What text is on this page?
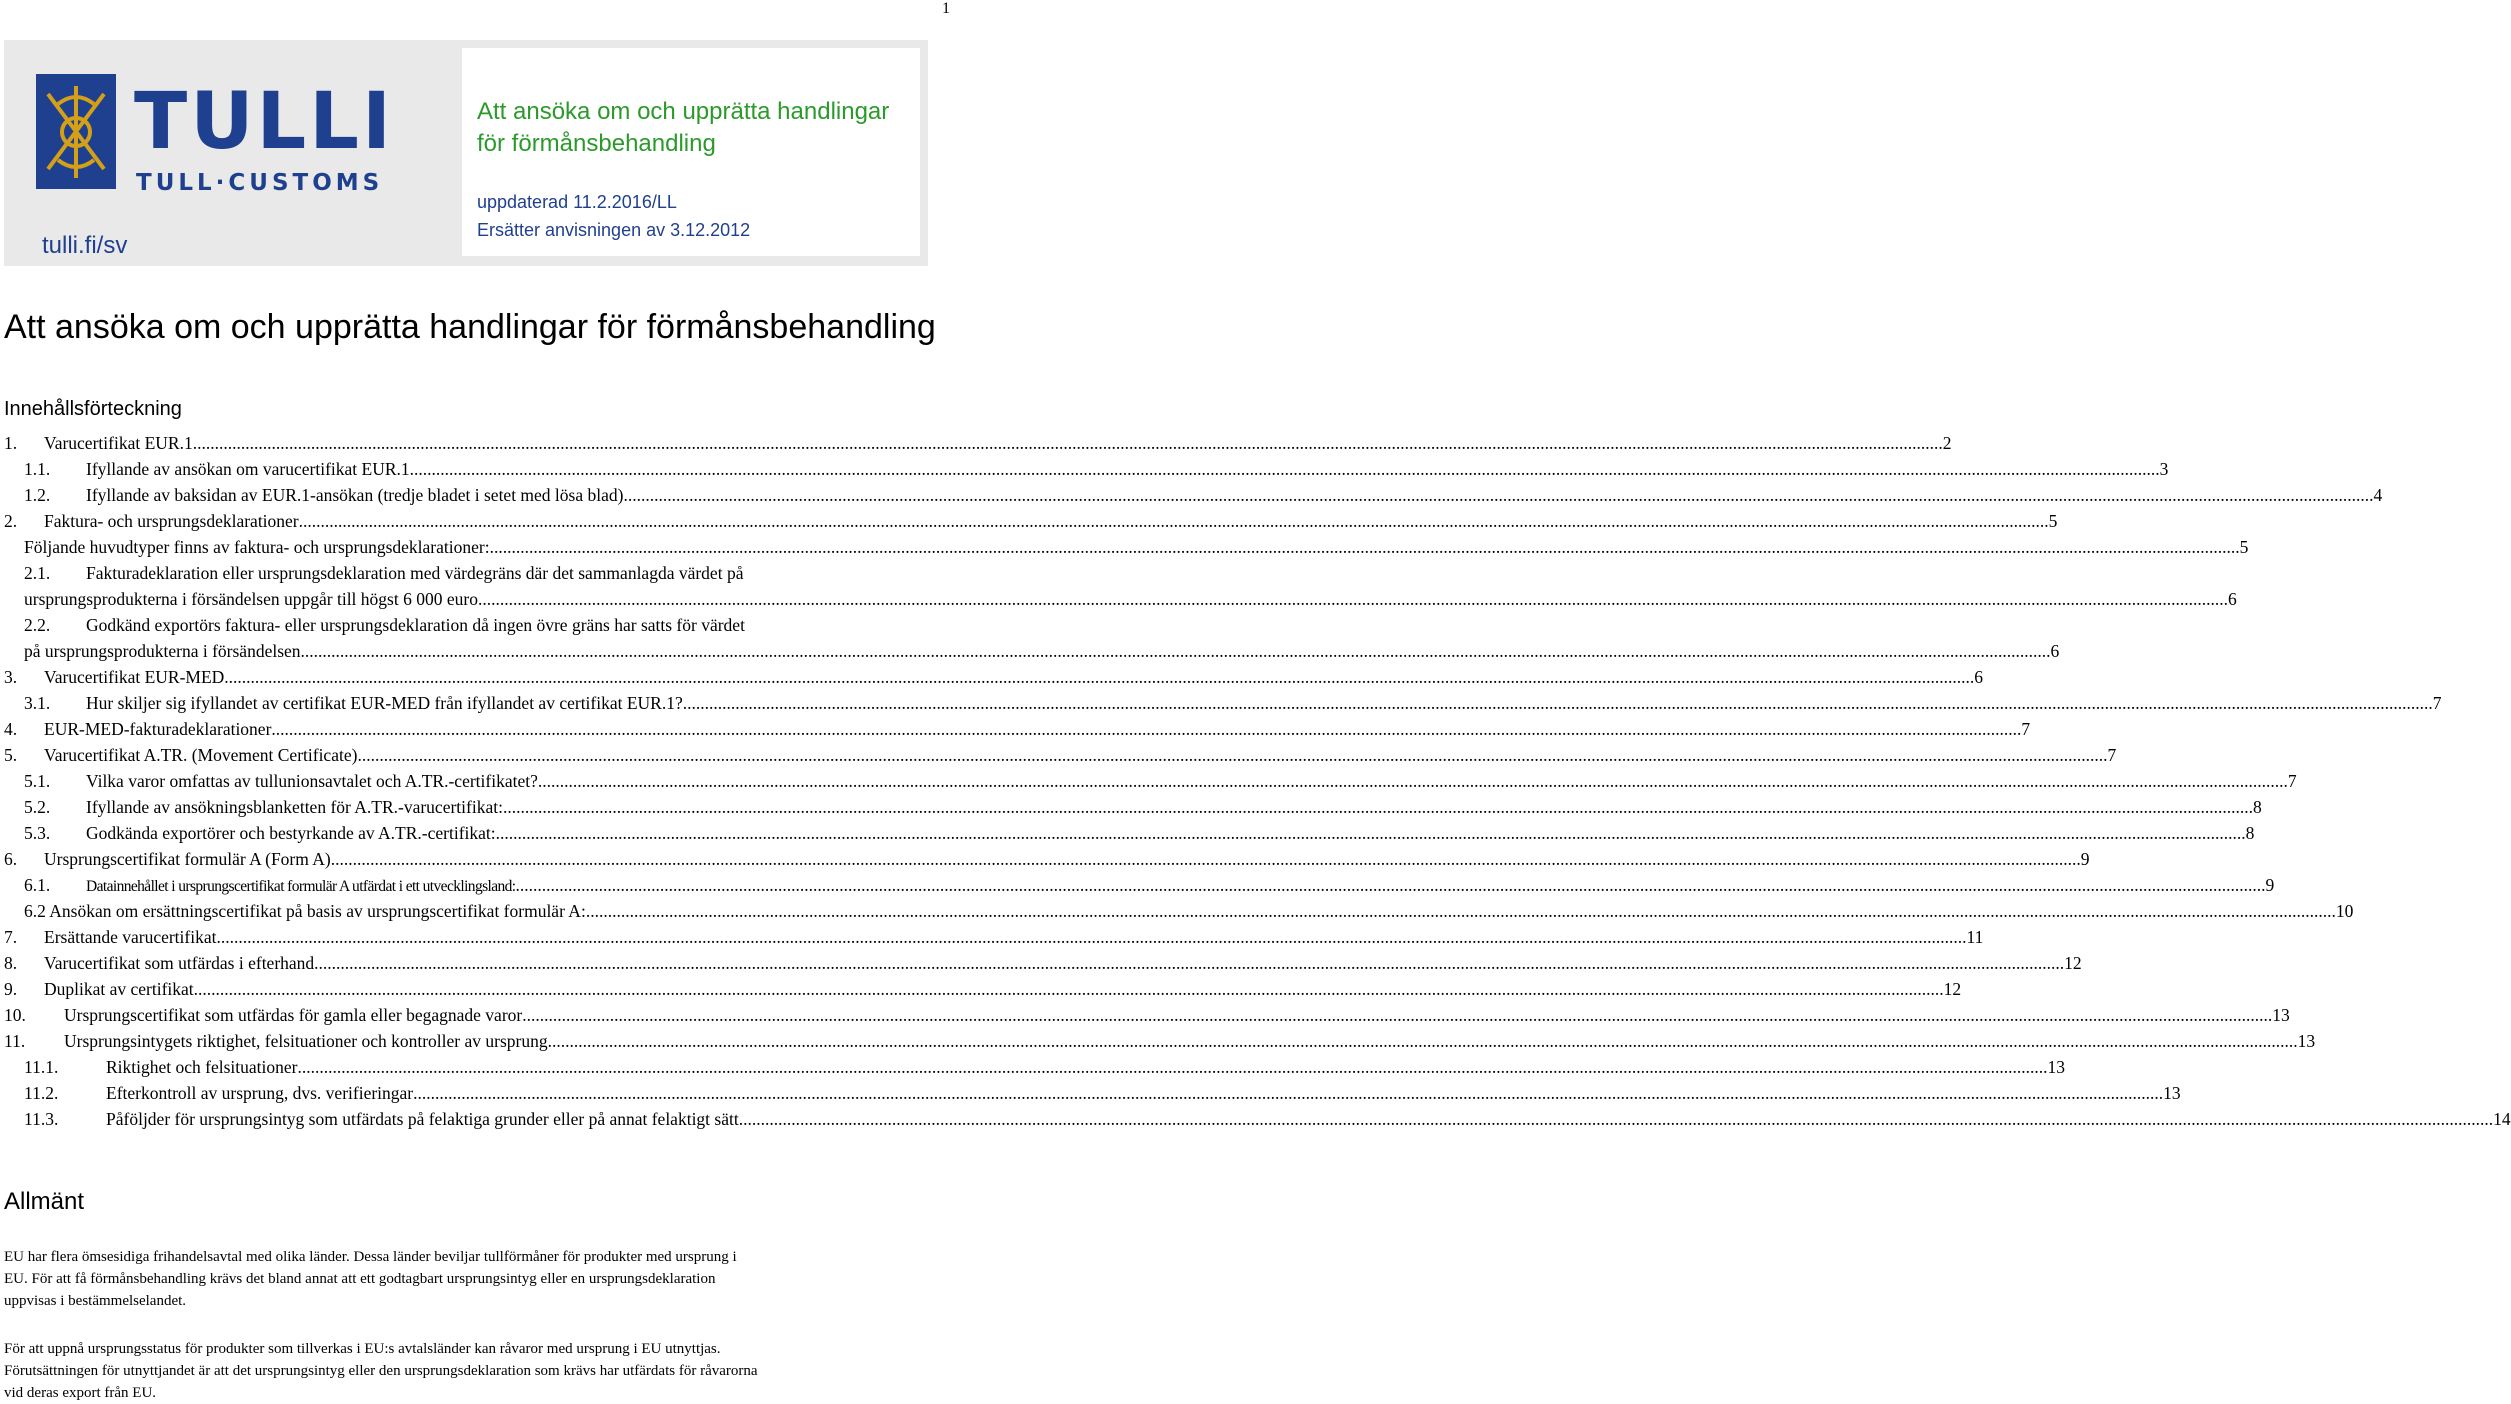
1
TULLI
TULL·CUSTOMS
tulli.fi/sv
Att ansöka om och upprätta handlingar för förmånsbehandling
uppdaterad 11.2.2016/LL
Ersätter anvisningen av 3.12.2012
Att ansöka om och upprätta handlingar för förmånsbehandling
Innehållsförteckning
1.	Varucertifikat EUR.1 ................................................................................................................................................................................................................................................................................................................................................................................................................ 2
1.1.	Ifyllande av ansökan om varucertifikat EUR.1 ................................................................................................................................................................................................................................................................................................................................................................................................................ 3
1.2.	Ifyllande av baksidan av EUR.1-ansökan (tredje bladet i setet med lösa blad) ................................................................................................................................................................................................................................................................................................................................................................................................................ 4
2.	Faktura- och ursprungsdeklarationer ................................................................................................................................................................................................................................................................................................................................................................................................................ 5
Följande huvudtyper finns av faktura- och ursprungsdeklarationer: ................................................................................................................................................................................................................................................................................................................................................................................................................ 5
2.1.	Fakturadeklaration eller ursprungsdeklaration med värdegräns där det sammanlagda värdet på
ursprungsprodukterna i försändelsen uppgår till högst 6 000 euro ................................................................................................................................................................................................................................................................................................................................................................................................................ 6
2.2.	Godkänd exportörs faktura- eller ursprungsdeklaration då ingen övre gräns har satts för värdet
på ursprungsprodukterna i försändelsen ................................................................................................................................................................................................................................................................................................................................................................................................................ 6
3.	Varucertifikat EUR-MED ................................................................................................................................................................................................................................................................................................................................................................................................................ 6
3.1.	Hur skiljer sig ifyllandet av certifikat EUR-MED från ifyllandet av certifikat EUR.1? ................................................................................................................................................................................................................................................................................................................................................................................................................ 7
4.	EUR-MED-fakturadeklarationer ................................................................................................................................................................................................................................................................................................................................................................................................................ 7
5.	Varucertifikat A.TR. (Movement Certificate) ................................................................................................................................................................................................................................................................................................................................................................................................................ 7
5.1.	Vilka varor omfattas av tullunionsavtalet och A.TR.-certifikatet? ................................................................................................................................................................................................................................................................................................................................................................................................................ 7
5.2.	Ifyllande av ansökningsblanketten för A.TR.-varucertifikat: ................................................................................................................................................................................................................................................................................................................................................................................................................ 8
5.3.	Godkända exportörer och bestyrkande av A.TR.-certifikat: ................................................................................................................................................................................................................................................................................................................................................................................................................ 8
6.	Ursprungscertifikat formulär A (Form A) ................................................................................................................................................................................................................................................................................................................................................................................................................ 9
6.1.	Datainnehållet i ursprungscertifikat formulär A utfärdat i ett utvecklingsland: ................................................................................................................................................................................................................................................................................................................................................................................................................ 9
6.2 Ansökan om ersättningscertifikat på basis av ursprungscertifikat formulär A: ................................................................................................................................................................................................................................................................................................................................................................................................................ 10
7.	Ersättande varucertifikat ................................................................................................................................................................................................................................................................................................................................................................................................................ 11
8.	Varucertifikat som utfärdas i efterhand ................................................................................................................................................................................................................................................................................................................................................................................................................ 12
9.	Duplikat av certifikat ................................................................................................................................................................................................................................................................................................................................................................................................................ 12
10.	Ursprungscertifikat som utfärdas för gamla eller begagnade varor ................................................................................................................................................................................................................................................................................................................................................................................................................ 13
11.	Ursprungsintygets riktighet, felsituationer och kontroller av ursprung ................................................................................................................................................................................................................................................................................................................................................................................................................ 13
11.1.	Riktighet och felsituationer ................................................................................................................................................................................................................................................................................................................................................................................................................ 13
11.2.	Efterkontroll av ursprung, dvs. verifieringar ................................................................................................................................................................................................................................................................................................................................................................................................................ 13
11.3.	Påföljder för ursprungsintyg som utfärdats på felaktiga grunder eller på annat felaktigt sätt. ................................................................................................................................................................................................................................................................................................................................................................................................................ 14
Allmänt
EU har flera ömsesidiga frihandelsavtal med olika länder. Dessa länder beviljar tullförmåner för produkter med ursprung i
EU. För att få förmånsbehandling krävs det bland annat att ett godtagbart ursprungsintyg eller en ursprungsdeklaration
uppvisas i bestämmelselandet.
För att uppnå ursprungsstatus för produkter som tillverkas i EU:s avtalsländer kan råvaror med ursprung i EU utnyttjas.
Förutsättningen för utnyttjandet är att det ursprungsintyg eller den ursprungsdeklaration som krävs har utfärdats för råvarorna
vid deras export från EU.
